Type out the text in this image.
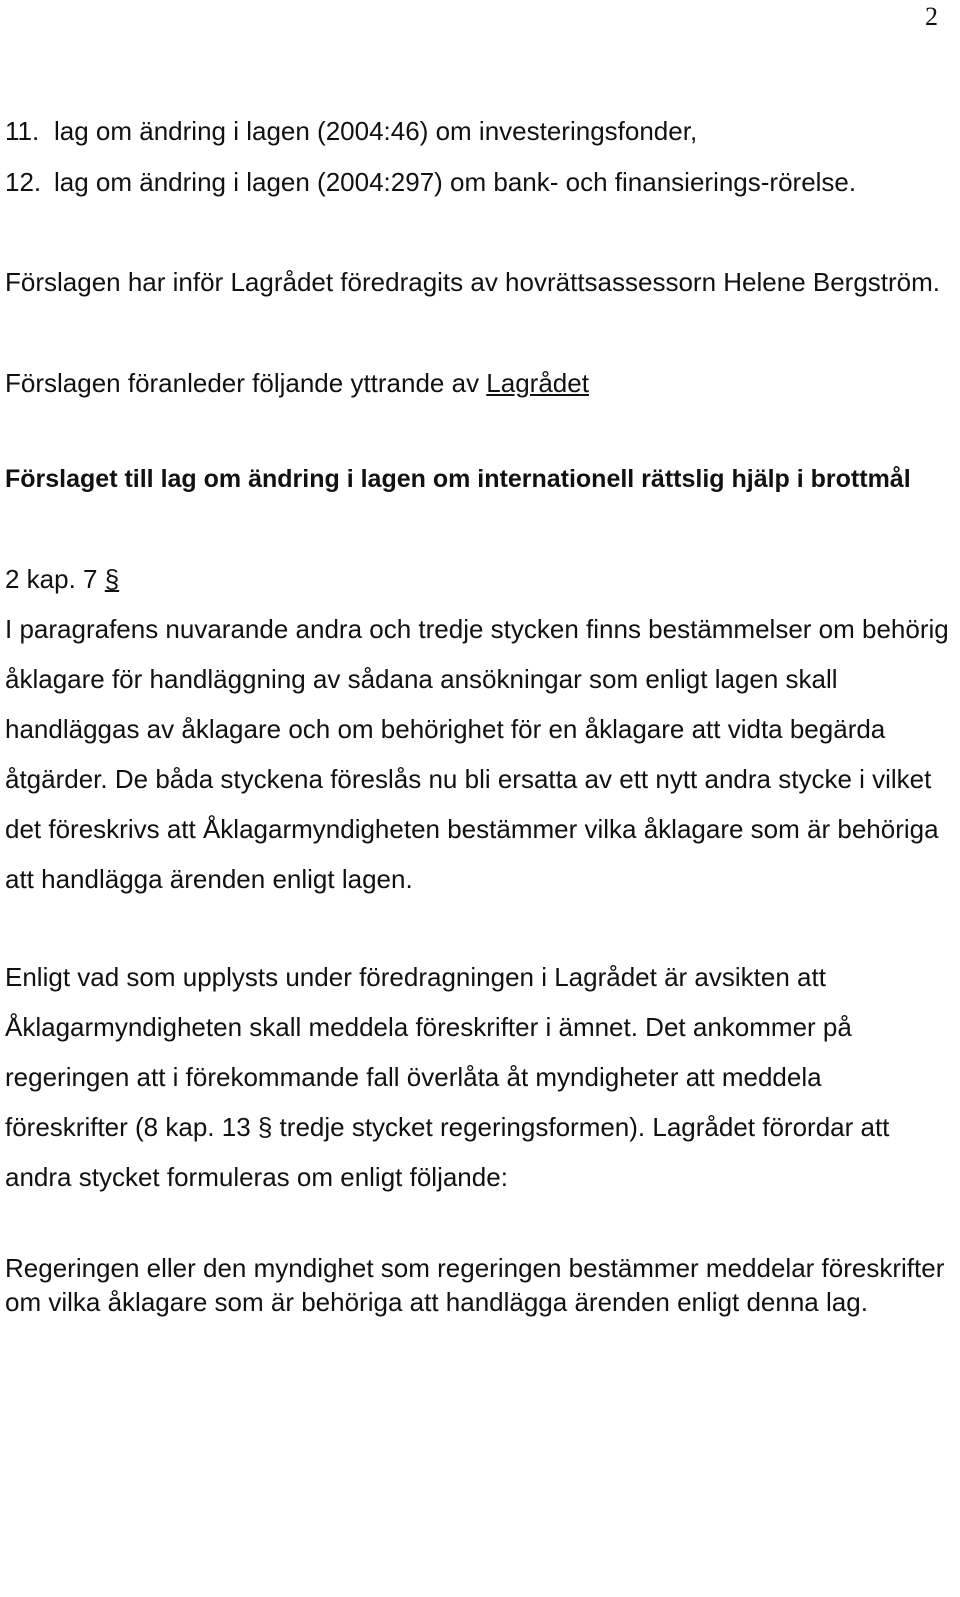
2
11. lag om ändring i lagen (2004:46) om investeringsfonder,
12. lag om ändring i lagen (2004:297) om bank- och finansierings-rörelse.

Förslagen har inför Lagrådet föredragits av hovrättsassessorn Helene Bergström.

Förslagen föranleder följande yttrande av Lagrådet

Förslaget till lag om ändring i lagen om internationell rättslig hjälp i brottmål

2 kap. 7 §

I paragrafens nuvarande andra och tredje stycken finns bestämmelser om behörig åklagare för handläggning av sådana ansökningar som enligt lagen skall handläggas av åklagare och om behörighet för en åklagare att vidta begärda åtgärder. De båda styckena föreslås nu bli ersatta av ett nytt andra stycke i vilket det föreskrivs att Åklagarmyndigheten bestämmer vilka åklagare som är behöriga att handlägga ärenden enligt lagen.

Enligt vad som upplysts under föredragningen i Lagrådet är avsikten att Åklagarmyndigheten skall meddela föreskrifter i ämnet. Det ankommer på regeringen att i förekommande fall överlåta åt myndigheter att meddela föreskrifter (8 kap. 13 § tredje stycket regeringsformen). Lagrådet förordar att andra stycket formuleras om enligt följande:

Regeringen eller den myndighet som regeringen bestämmer meddelar föreskrifter om vilka åklagare som är behöriga att handlägga ärenden enligt denna lag.
